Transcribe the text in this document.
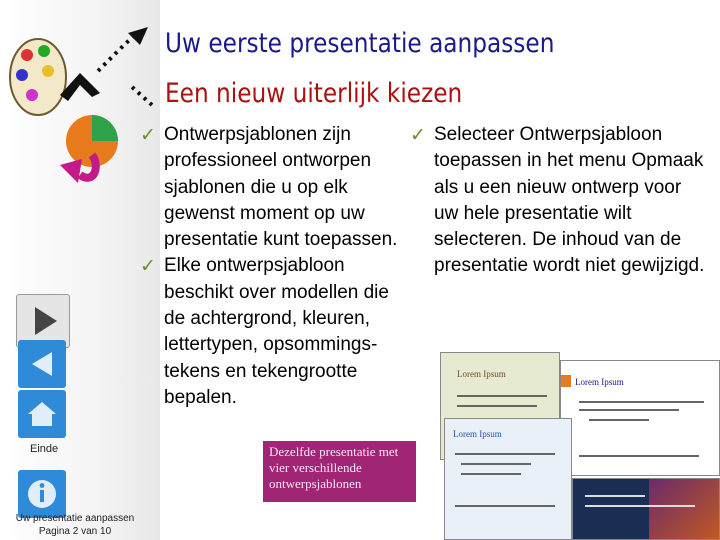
Uw eerste presentatie aanpassen
Een nieuw uiterlijk kiezen
✓ Ontwerpsjablonen zijn professioneel ontworpen sjablonen die u op elk gewenst moment op uw presentatie kunt toepassen.
✓ Elke ontwerpsjabloon beschikt over modellen die de achtergrond, kleuren, lettertypen, opsommings-tekens en tekengrootte bepalen.
✓ Selecteer Ontwerpsjabloon toepassen in het menu Opmaak als u een nieuw ontwerp voor uw hele presentatie wilt selecteren. De inhoud van de presentatie wordt niet gewijzigd.
Lorem Ipsum
Lorem Ipsum
Lorem Ipsum
Dezelfde presentatie met vier verschillende ontwerpsjablonen
Einde
Uw presentatie aanpassen
Pagina 2 van 10
